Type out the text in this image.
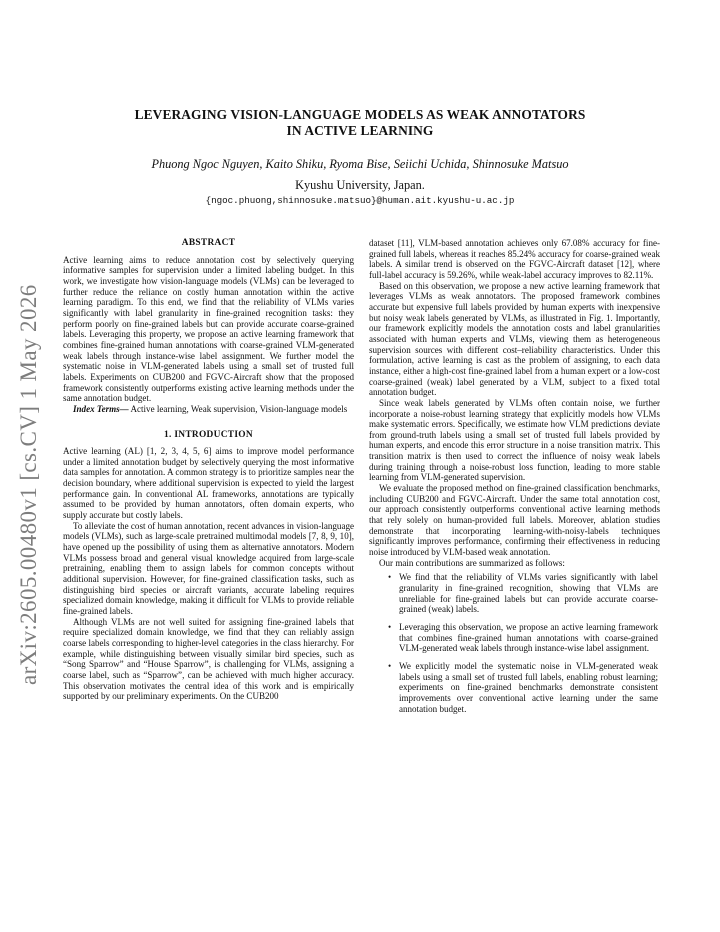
arXiv:2605.00480v1 [cs.CV] 1 May 2026
LEVERAGING VISION-LANGUAGE MODELS AS WEAK ANNOTATORS
IN ACTIVE LEARNING
Phuong Ngoc Nguyen, Kaito Shiku, Ryoma Bise, Seiichi Uchida, Shinnosuke Matsuo
Kyushu University, Japan.
{ngoc.phuong,shinnosuke.matsuo}@human.ait.kyushu-u.ac.jp
ABSTRACT

Active learning aims to reduce annotation cost by selectively querying informative samples for supervision under a limited labeling budget. In this work, we investigate how vision-language models (VLMs) can be leveraged to further reduce the reliance on costly human annotation within the active learning paradigm. To this end, we find that the reliability of VLMs varies significantly with label granularity in fine-grained recognition tasks: they perform poorly on fine-grained labels but can provide accurate coarse-grained labels. Leveraging this property, we propose an active learning framework that combines fine-grained human annotations with coarse-grained VLM-generated weak labels through instance-wise label assignment. We further model the systematic noise in VLM-generated labels using a small set of trusted full labels. Experiments on CUB200 and FGVC-Aircraft show that the proposed framework consistently outperforms existing active learning methods under the same annotation budget.

Index Terms— Active learning, Weak supervision, Vision-language models

1. INTRODUCTION

Active learning (AL) [1, 2, 3, 4, 5, 6] aims to improve model performance under a limited annotation budget by selectively querying the most informative data samples for annotation. A common strategy is to prioritize samples near the decision boundary, where additional supervision is expected to yield the largest performance gain. In conventional AL frameworks, annotations are typically assumed to be provided by human annotators, often domain experts, who supply accurate but costly labels.

To alleviate the cost of human annotation, recent advances in vision-language models (VLMs), such as large-scale pretrained multimodal models [7, 8, 9, 10], have opened up the possibility of using them as alternative annotators. Modern VLMs possess broad and general visual knowledge acquired from large-scale pretraining, enabling them to assign labels for common concepts without additional supervision. However, for fine-grained classification tasks, such as distinguishing bird species or aircraft variants, accurate labeling requires specialized domain knowledge, making it difficult for VLMs to provide reliable fine-grained labels.

Although VLMs are not well suited for assigning fine-grained labels that require specialized domain knowledge, we find that they can reliably assign coarse labels corresponding to higher-level categories in the class hierarchy. For example, while distinguishing between visually similar bird species, such as “Song Sparrow” and “House Sparrow”, is challenging for VLMs, assigning a coarse label, such as “Sparrow”, can be achieved with much higher accuracy. This observation motivates the central idea of this work and is empirically supported by our preliminary experiments. On the CUB200

dataset [11], VLM-based annotation achieves only 67.08% accuracy for fine-grained full labels, whereas it reaches 85.24% accuracy for coarse-grained weak labels. A similar trend is observed on the FGVC-Aircraft dataset [12], where full-label accuracy is 59.26%, while weak-label accuracy improves to 82.11%.

Based on this observation, we propose a new active learning framework that leverages VLMs as weak annotators. The proposed framework combines accurate but expensive full labels provided by human experts with inexpensive but noisy weak labels generated by VLMs, as illustrated in Fig. 1. Importantly, our framework explicitly models the annotation costs and label granularities associated with human experts and VLMs, viewing them as heterogeneous supervision sources with different cost–reliability characteristics. Under this formulation, active learning is cast as the problem of assigning, to each data instance, either a high-cost fine-grained label from a human expert or a low-cost coarse-grained (weak) label generated by a VLM, subject to a fixed total annotation budget.

Since weak labels generated by VLMs often contain noise, we further incorporate a noise-robust learning strategy that explicitly models how VLMs make systematic errors. Specifically, we estimate how VLM predictions deviate from ground-truth labels using a small set of trusted full labels provided by human experts, and encode this error structure in a noise transition matrix. This transition matrix is then used to correct the influence of noisy weak labels during training through a noise-robust loss function, leading to more stable learning from VLM-generated supervision.

We evaluate the proposed method on fine-grained classification benchmarks, including CUB200 and FGVC-Aircraft. Under the same total annotation cost, our approach consistently outperforms conventional active learning methods that rely solely on human-provided full labels. Moreover, ablation studies demonstrate that incorporating learning-with-noisy-labels techniques significantly improves performance, confirming their effectiveness in reducing noise introduced by VLM-based weak annotation.

Our main contributions are summarized as follows:

• We find that the reliability of VLMs varies significantly with label granularity in fine-grained recognition, showing that VLMs are unreliable for fine-grained labels but can provide accurate coarse-grained (weak) labels.
• Leveraging this observation, we propose an active learning framework that combines fine-grained human annotations with coarse-grained VLM-generated weak labels through instance-wise label assignment.
• We explicitly model the systematic noise in VLM-generated weak labels using a small set of trusted full labels, enabling robust learning; experiments on fine-grained benchmarks demonstrate consistent improvements over conventional active learning under the same annotation budget.
